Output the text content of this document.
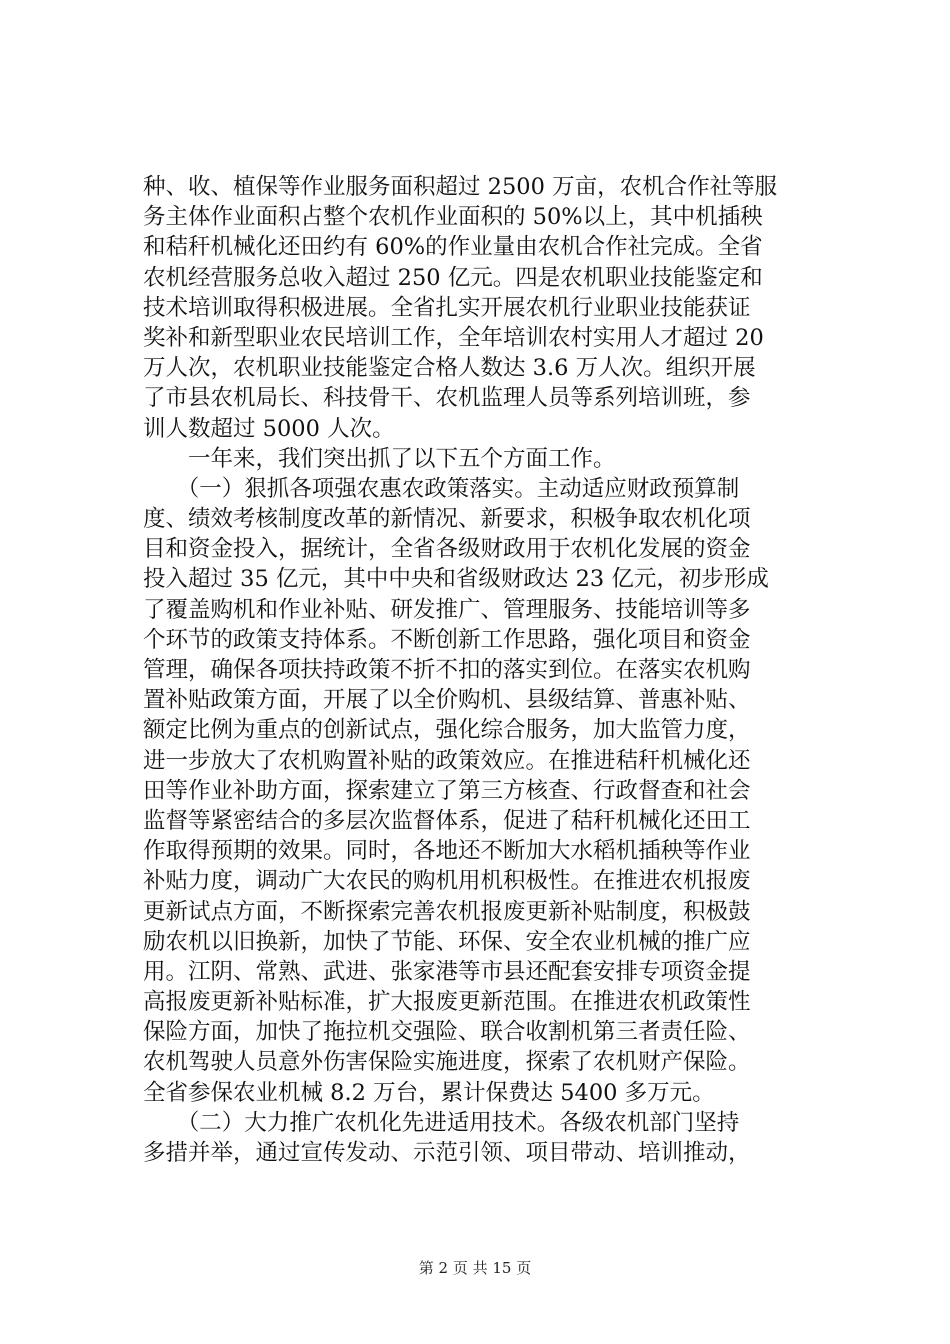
种、收、植保等作业服务面积超过 2500 万亩，农机合作社等服
务主体作业面积占整个农机作业面积的 50%以上，其中机插秧
和秸秆机械化还田约有 60%的作业量由农机合作社完成。全省
农机经营服务总收入超过 250 亿元。四是农机职业技能鉴定和
技术培训取得积极进展。全省扎实开展农机行业职业技能获证
奖补和新型职业农民培训工作，全年培训农村实用人才超过 20
万人次，农机职业技能鉴定合格人数达 3.6 万人次。组织开展
了市县农机局长、科技骨干、农机监理人员等系列培训班，参
训人数超过 5000 人次。
　　一年来，我们突出抓了以下五个方面工作。
　　（一）狠抓各项强农惠农政策落实。主动适应财政预算制
度、绩效考核制度改革的新情况、新要求，积极争取农机化项
目和资金投入，据统计，全省各级财政用于农机化发展的资金
投入超过 35 亿元，其中中央和省级财政达 23 亿元，初步形成
了覆盖购机和作业补贴、研发推广、管理服务、技能培训等多
个环节的政策支持体系。不断创新工作思路，强化项目和资金
管理，确保各项扶持政策不折不扣的落实到位。在落实农机购
置补贴政策方面，开展了以全价购机、县级结算、普惠补贴、
额定比例为重点的创新试点，强化综合服务，加大监管力度，
进一步放大了农机购置补贴的政策效应。在推进秸秆机械化还
田等作业补助方面，探索建立了第三方核查、行政督查和社会
监督等紧密结合的多层次监督体系，促进了秸秆机械化还田工
作取得预期的效果。同时，各地还不断加大水稻机插秧等作业
补贴力度，调动广大农民的购机用机积极性。在推进农机报废
更新试点方面，不断探索完善农机报废更新补贴制度，积极鼓
励农机以旧换新，加快了节能、环保、安全农业机械的推广应
用。江阴、常熟、武进、张家港等市县还配套安排专项资金提
高报废更新补贴标准，扩大报废更新范围。在推进农机政策性
保险方面，加快了拖拉机交强险、联合收割机第三者责任险、
农机驾驶人员意外伤害保险实施进度，探索了农机财产保险。
全省参保农业机械 8.2 万台，累计保费达 5400 多万元。
　　（二）大力推广农机化先进适用技术。各级农机部门坚持
多措并举，通过宣传发动、示范引领、项目带动、培训推动，
第 2 页 共 15 页
